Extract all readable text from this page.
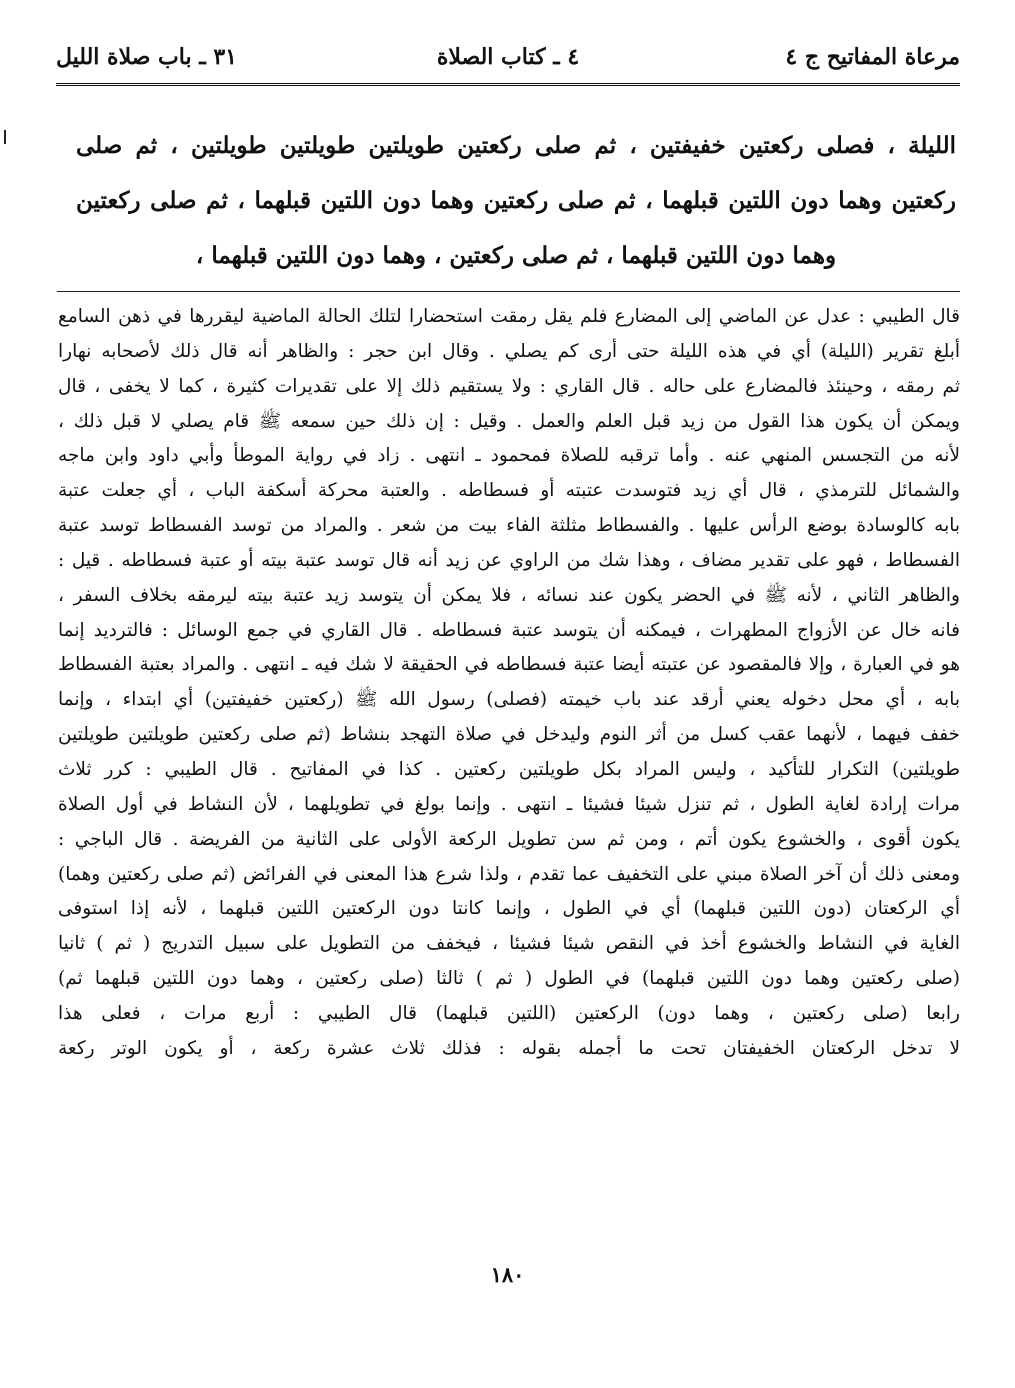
مرعاة المفاتيح ج ٤
٤ ـ كتاب الصلاة
٣١ ـ باب صلاة الليل
الليلة ، فصلى ركعتين خفيفتين ، ثم صلى ركعتين طويلتين طويلتين طويلتين ، ثم صلى ركعتين وهما دون اللتين قبلهما ، ثم صلى ركعتين وهما دون اللتين قبلهما ، ثم صلى ركعتين وهما دون اللتين قبلهما ، ثم صلى ركعتين ، وهما دون اللتين قبلهما ،
قال الطيبي : عدل عن الماضي إلى المضارع فلم يقل رمقت استحضارا لتلك الحالة الماضية ليقررها في ذهن السامع
أبلغ تقرير (الليلة) أي في هذه الليلة حتى أرى كم يصلي . وقال ابن حجر : والظاهر أنه قال ذلك لأصحابه نهارا
ثم رمقه ، وحينئذ فالمضارع على حاله . قال القاري : ولا يستقيم ذلك إلا على تقديرات كثيرة ، كما لا يخفى ، قال
ويمكن أن يكون هذا القول من زيد قبل العلم والعمل . وقيل : إن ذلك حين سمعه ﷺ قام يصلي لا قبل ذلك ،
لأنه من التجسس المنهي عنه . وأما ترقبه للصلاة فمحمود ـ انتهى . زاد في رواية الموطأ وأبي داود وابن ماجه
والشمائل للترمذي ، قال أي زيد فتوسدت عتبته أو فسطاطه . والعتبة محركة أسكفة الباب ، أي جعلت عتبة
بابه كالوسادة بوضع الرأس عليها . والفسطاط مثلثة الفاء بيت من شعر . والمراد من توسد الفسطاط توسد عتبة
الفسطاط ، فهو على تقدير مضاف ، وهذا شك من الراوي عن زيد أنه قال توسد عتبة بيته أو عتبة فسطاطه . قيل :
والظاهر الثاني ، لأنه ﷺ في الحضر يكون عند نسائه ، فلا يمكن أن يتوسد زيد عتبة بيته ليرمقه بخلاف السفر ،
فانه خال عن الأزواج المطهرات ، فيمكنه أن يتوسد عتبة فسطاطه . قال القاري في جمع الوسائل : فالترديد إنما
هو في العبارة ، وإلا فالمقصود عن عتبته أيضا عتبة فسطاطه في الحقيقة لا شك فيه ـ انتهى . والمراد بعتبة الفسطاط
بابه ، أي محل دخوله يعني أرقد عند باب خيمته (فصلى) رسول الله ﷺ (ركعتين خفيفتين) أي ابتداء ، وإنما
خفف فيهما ، لأنهما عقب كسل من أثر النوم وليدخل في صلاة التهجد بنشاط (ثم صلى ركعتين طويلتين طويلتين
طويلتين) التكرار للتأكيد ، وليس المراد بكل طويلتين ركعتين . كذا في المفاتيح . قال الطيبي : كرر ثلاث
مرات إرادة لغاية الطول ، ثم تنزل شيئا فشيئا ـ انتهى . وإنما بولغ في تطويلهما ، لأن النشاط في أول الصلاة
يكون أقوى ، والخشوع يكون أتم ، ومن ثم سن تطويل الركعة الأولى على الثانية من الفريضة . قال الباجي :
ومعنى ذلك أن آخر الصلاة مبني على التخفيف عما تقدم ، ولذا شرع هذا المعنى في الفرائض (ثم صلى ركعتين وهما)
أي الركعتان (دون اللتين قبلهما) أي في الطول ، وإنما كانتا دون الركعتين اللتين قبلهما ، لأنه إذا استوفى
الغاية في النشاط والخشوع أخذ في النقص شيئا فشيئا ، فيخفف من التطويل على سبيل التدريج ( ثم ) ثانيا
(صلى ركعتين وهما دون اللتين قبلهما) في الطول ( ثم ) ثالثا (صلى ركعتين ، وهما دون اللتين قبلهما ثم)
رابعا (صلى ركعتين ، وهما دون) الركعتين (اللتين قبلهما) قال الطيبي : أربع مرات ، فعلى هذا
لا تدخل الركعتان الخفيفتان تحت ما أجمله بقوله : فذلك ثلاث عشرة ركعة ، أو يكون الوتر ركعة
١٨٠
